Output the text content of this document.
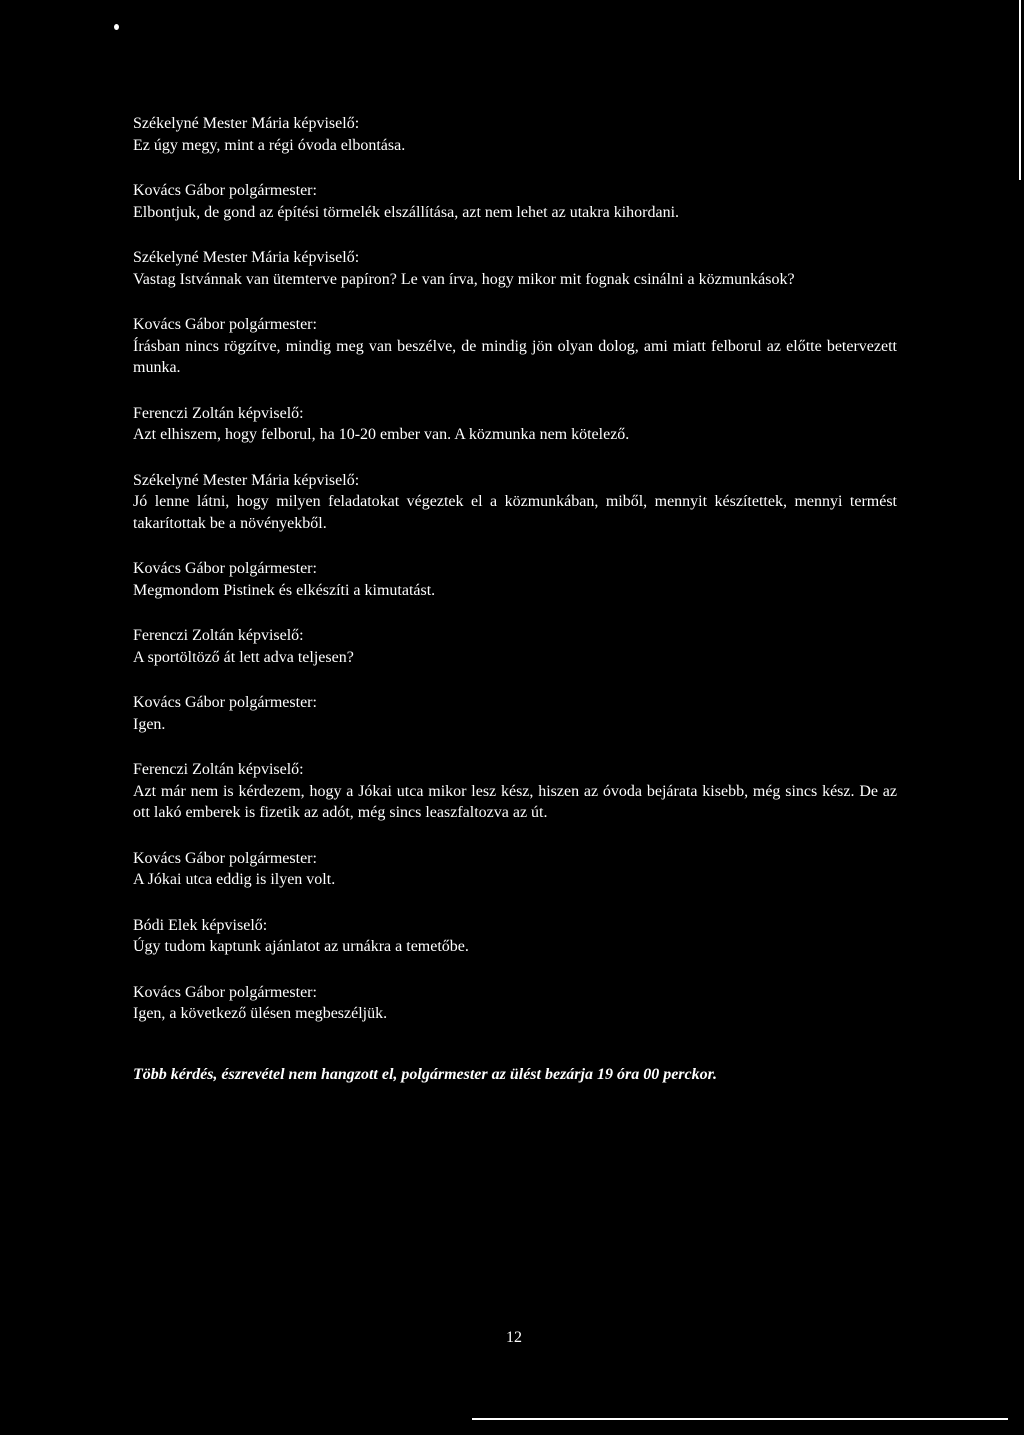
Székelyné Mester Mária képviselő:

Ez úgy megy, mint a régi óvoda elbontása.

Kovács Gábor polgármester:

Elbontjuk, de gond az építési törmelék elszállítása, azt nem lehet az utakra kihordani.

Székelyné Mester Mária képviselő:

Vastag Istvánnak van ütemterve papíron? Le van írva, hogy mikor mit fognak csinálni a közmunkások?

Kovács Gábor polgármester:

Írásban nincs rögzítve, mindig meg van beszélve, de mindig jön olyan dolog, ami miatt felborul az előtte betervezett munka.

Ferenczi Zoltán képviselő:

Azt elhiszem, hogy felborul, ha 10-20 ember van. A közmunka nem kötelező.

Székelyné Mester Mária képviselő:

Jó lenne látni, hogy milyen feladatokat végeztek el a közmunkában, miből, mennyit készítettek, mennyi termést takarítottak be a növényekből.

Kovács Gábor polgármester:

Megmondom Pistinek és elkészíti a kimutatást.

Ferenczi Zoltán képviselő:

A sportöltöző át lett adva teljesen?

Kovács Gábor polgármester:

Igen.

Ferenczi Zoltán képviselő:

Azt már nem is kérdezem, hogy a Jókai utca mikor lesz kész, hiszen az óvoda bejárata kisebb, még sincs kész. De az ott lakó emberek is fizetik az adót, még sincs leaszfaltozva az út.

Kovács Gábor polgármester:

A Jókai utca eddig is ilyen volt.

Bódi Elek képviselő:

Úgy tudom kaptunk ajánlatot az urnákra a temetőbe.

Kovács Gábor polgármester:

Igen, a következő ülésen megbeszéljük.

Több kérdés, észrevétel nem hangzott el, polgármester az ülést bezárja 19 óra 00 perckor.

12
